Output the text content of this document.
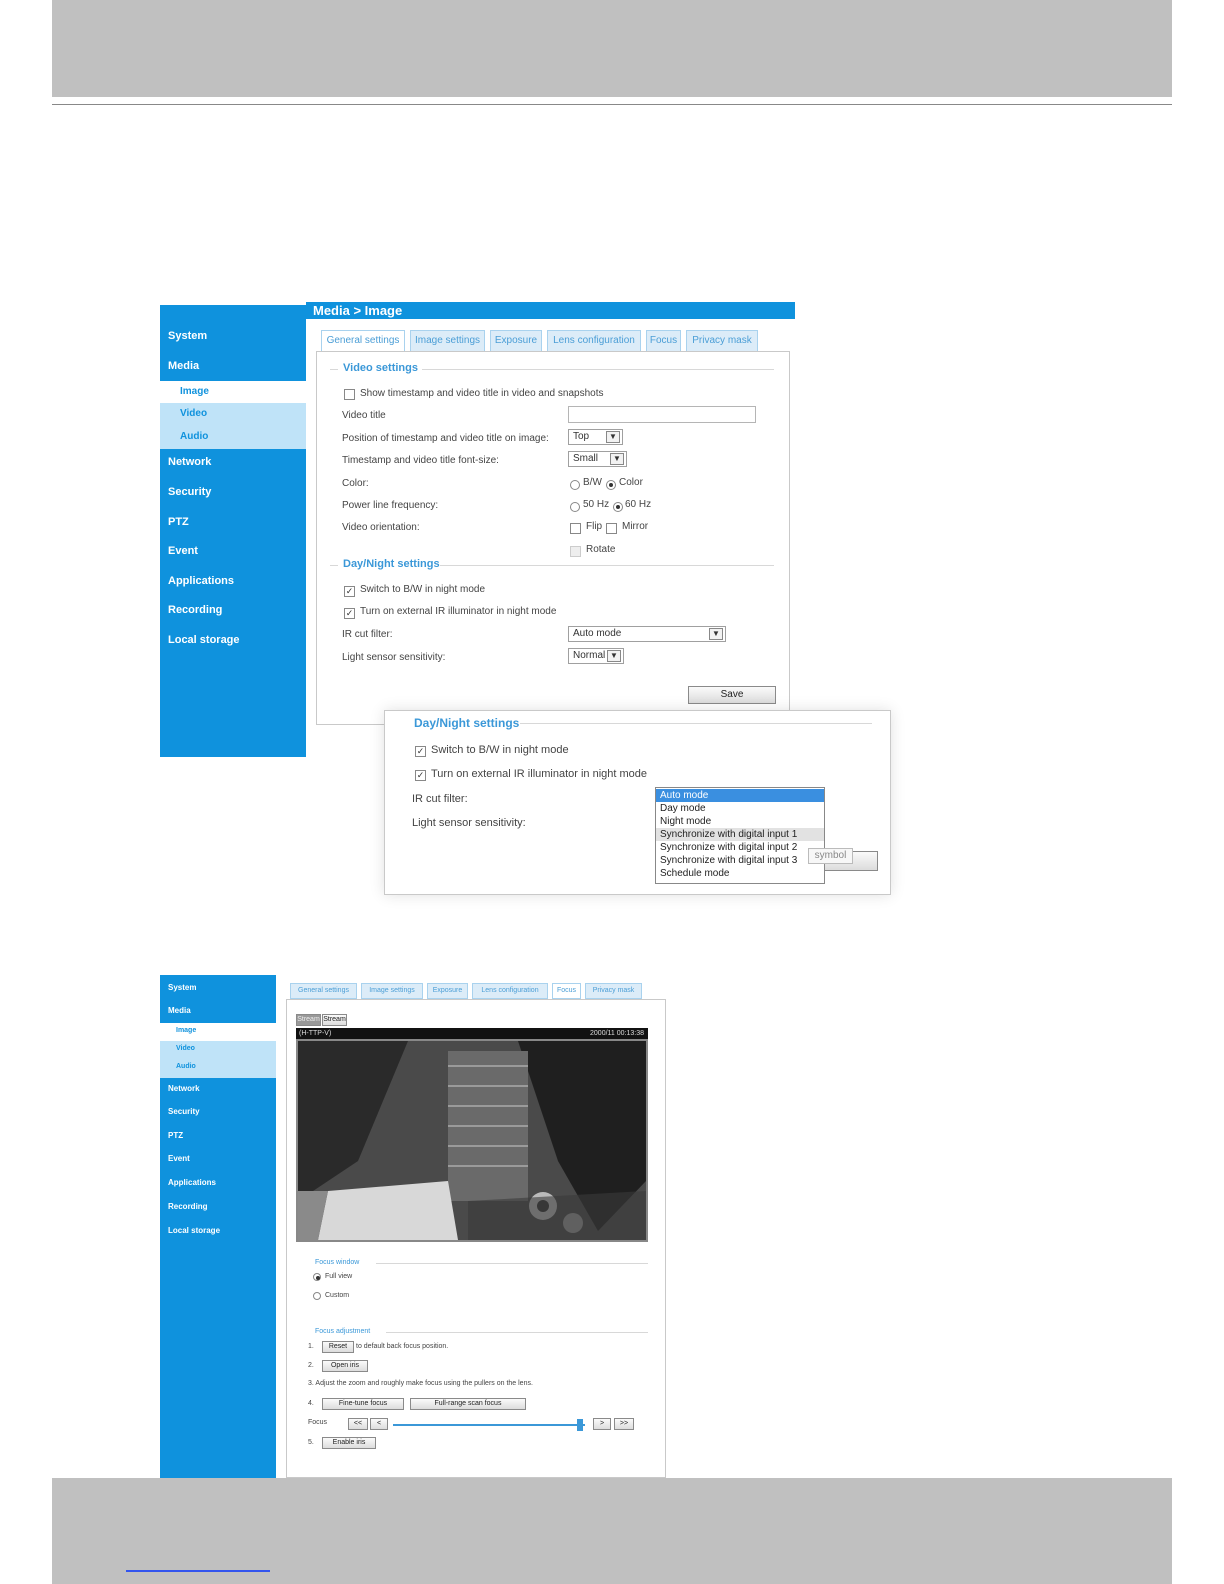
System
Media
Image
Video
Audio
Network
Security
PTZ
Event
Applications
Recording
Local storage
Media > Image
General settings	Image settings	Exposure	Lens configuration	Focus	Privacy mask
Video settings
Show timestamp and video title in video and snapshots
Video title
Position of timestamp and video title on image:	Top	▼
Timestamp and video title font-size:	Small	▼
Color:	B/W Color
Power line frequency:	50 Hz 60 Hz
Video orientation:	Flip Mirror
Rotate
Day/Night settings
✓ Switch to B/W in night mode
✓ Turn on external IR illuminator in night mode
IR cut filter:	Auto mode	▼
Light sensor sensitivity:	Normal ▼
Save
Day/Night settings
✓ Switch to B/W in night mode
✓ Turn on external IR illuminator in night mode
IR cut filter:
Light sensor sensitivity:
Auto mode
Day mode
Night mode
Synchronize with digital input 1
Synchronize with digital input 2
Synchronize with digital input 3
Schedule mode
symbol
System
Media
Image
Video
Audio
Network
Security
PTZ
Event
Applications
Recording
Local storage
General settings	Image settings	Exposure	Lens configuration	Focus	Privacy mask
Stream Stream
(H-TTP-V)	2000/11 00:13:38
Focus window
Full view
Custom
Focus adjustment
1.	Reset	to default back focus position.
2.	Open iris
3. Adjust the zoom and roughly make focus using the pullers on the lens.
4.	Fine-tune focus	Full-range scan focus
Focus	<<	<	>	>>
5.	Enable iris
